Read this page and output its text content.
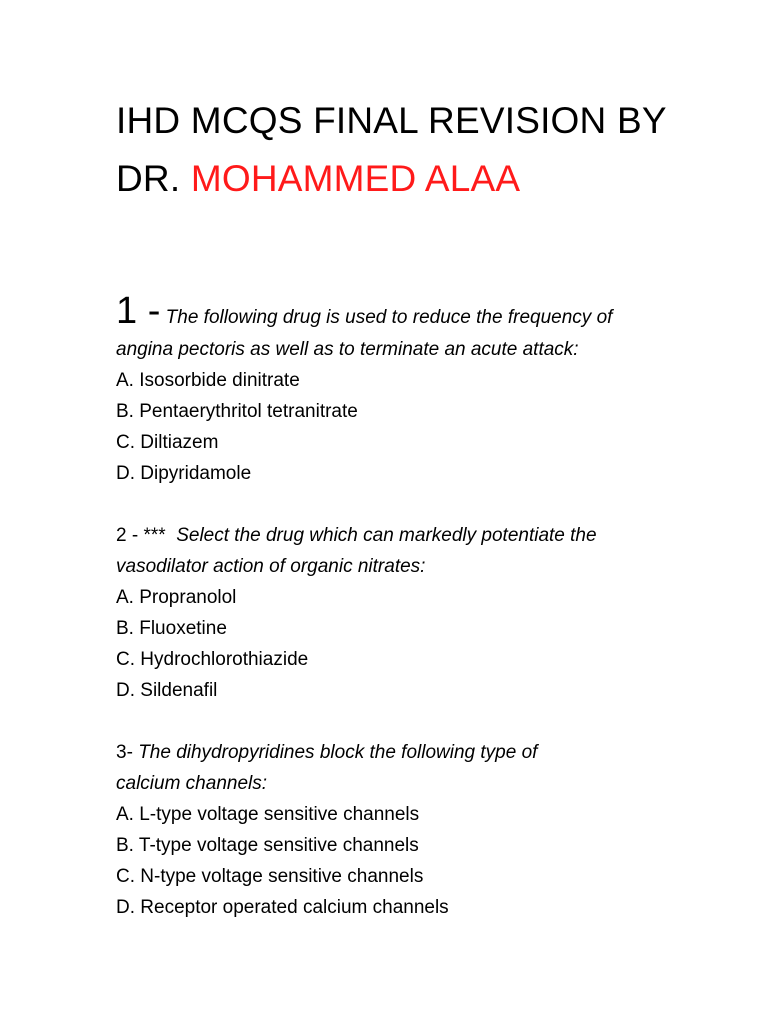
IHD MCQS FINAL REVISION BY
DR. MOHAMMED ALAA
1 - The following drug is used to reduce the frequency of
angina pectoris as well as to terminate an acute attack:
A. Isosorbide dinitrate
B. Pentaerythritol tetranitrate
C. Diltiazem
D. Dipyridamole
2 - *** Select the drug which can markedly potentiate the
vasodilator action of organic nitrates:
A. Propranolol
B. Fluoxetine
C. Hydrochlorothiazide
D. Sildenafil
3- The dihydropyridines block the following type of
calcium channels:
A. L-type voltage sensitive channels
B. T-type voltage sensitive channels
C. N-type voltage sensitive channels
D. Receptor operated calcium channels
